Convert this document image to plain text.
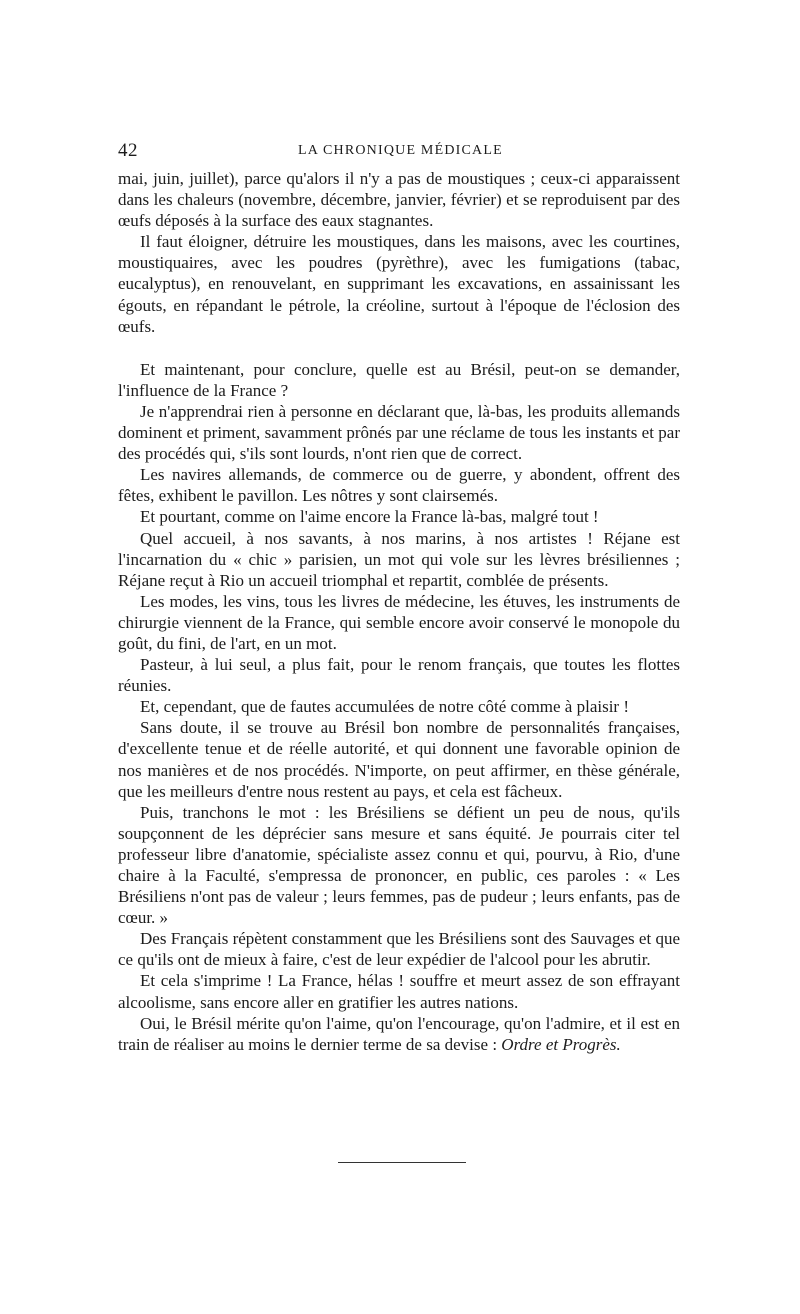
42	LA CHRONIQUE MÉDICALE

mai, juin, juillet), parce qu'alors il n'y a pas de moustiques ; ceux-ci apparaissent dans les chaleurs (novembre, décembre, janvier, février) et se reproduisent par des œufs déposés à la surface des eaux stagnantes.

Il faut éloigner, détruire les moustiques, dans les maisons, avec les courtines, moustiquaires, avec les poudres (pyrèthre), avec les fumigations (tabac, eucalyptus), en renouvelant, en supprimant les excavations, en assainissant les égouts, en répandant le pétrole, la créoline, surtout à l'époque de l'éclosion des œufs.

Et maintenant, pour conclure, quelle est au Brésil, peut-on se demander, l'influence de la France ?

Je n'apprendrai rien à personne en déclarant que, là-bas, les produits allemands dominent et priment, savamment prônés par une réclame de tous les instants et par des procédés qui, s'ils sont lourds, n'ont rien que de correct.

Les navires allemands, de commerce ou de guerre, y abondent, offrent des fêtes, exhibent le pavillon. Les nôtres y sont clairsemés.

Et pourtant, comme on l'aime encore la France là-bas, malgré tout !

Quel accueil, à nos savants, à nos marins, à nos artistes ! Réjane est l'incarnation du « chic » parisien, un mot qui vole sur les lèvres brésiliennes ; Réjane reçut à Rio un accueil triomphal et repartit, comblée de présents.

Les modes, les vins, tous les livres de médecine, les étuves, les instruments de chirurgie viennent de la France, qui semble encore avoir conservé le monopole du goût, du fini, de l'art, en un mot.

Pasteur, à lui seul, a plus fait, pour le renom français, que toutes les flottes réunies.

Et, cependant, que de fautes accumulées de notre côté comme à plaisir !

Sans doute, il se trouve au Brésil bon nombre de personnalités françaises, d'excellente tenue et de réelle autorité, et qui donnent une favorable opinion de nos manières et de nos procédés. N'importe, on peut affirmer, en thèse générale, que les meilleurs d'entre nous restent au pays, et cela est fâcheux.

Puis, tranchons le mot : les Brésiliens se défient un peu de nous, qu'ils soupçonnent de les déprécier sans mesure et sans équité. Je pourrais citer tel professeur libre d'anatomie, spécialiste assez connu et qui, pourvu, à Rio, d'une chaire à la Faculté, s'empressa de prononcer, en public, ces paroles : « Les Brésiliens n'ont pas de valeur ; leurs femmes, pas de pudeur ; leurs enfants, pas de cœur. »

Des Français répètent constamment que les Brésiliens sont des Sauvages et que ce qu'ils ont de mieux à faire, c'est de leur expédier de l'alcool pour les abrutir.

Et cela s'imprime ! La France, hélas ! souffre et meurt assez de son effrayant alcoolisme, sans encore aller en gratifier les autres nations.

Oui, le Brésil mérite qu'on l'aime, qu'on l'encourage, qu'on l'admire, et il est en train de réaliser au moins le dernier terme de sa devise : Ordre et Progrès.
